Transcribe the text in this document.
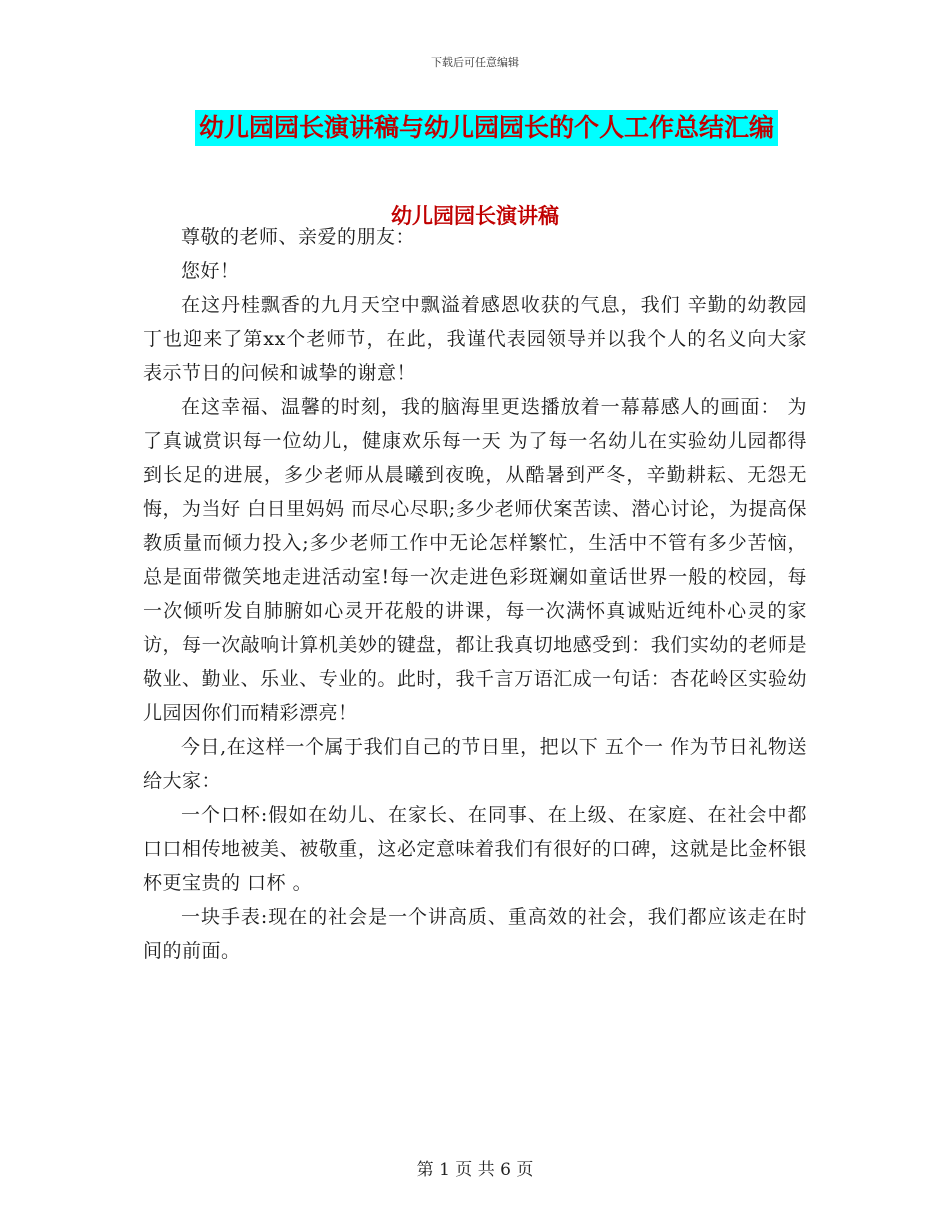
下载后可任意编辑
幼儿园园长演讲稿与幼儿园园长的个人工作总结汇编
幼儿园园长演讲稿

尊敬的老师、亲爱的朋友：

您好！

在这丹桂飘香的九月天空中飘溢着感恩收获的气息，我们 辛勤的幼教园丁也迎来了第xx个老师节，在此，我谨代表园领导并以我个人的名义向大家表示节日的问候和诚挚的谢意！

在这幸福、温馨的时刻，我的脑海里更迭播放着一幕幕感人的画面： 为了真诚赏识每一位幼儿，健康欢乐每一天 为了每一名幼儿在实验幼儿园都得到长足的进展，多少老师从晨曦到夜晚，从酷暑到严冬，辛勤耕耘、无怨无悔，为当好 白日里妈妈 而尽心尽职;多少老师伏案苦读、潜心讨论，为提高保教质量而倾力投入;多少老师工作中无论怎样繁忙，生活中不管有多少苦恼，总是面带微笑地走进活动室!每一次走进色彩斑斓如童话世界一般的校园，每一次倾听发自肺腑如心灵开花般的讲课，每一次满怀真诚贴近纯朴心灵的家访，每一次敲响计算机美妙的键盘，都让我真切地感受到：我们实幼的老师是敬业、勤业、乐业、专业的。此时，我千言万语汇成一句话：杏花岭区实验幼儿园因你们而精彩漂亮！

今日,在这样一个属于我们自己的节日里，把以下 五个一 作为节日礼物送给大家：

一个口杯:假如在幼儿、在家长、在同事、在上级、在家庭、在社会中都口口相传地被美、被敬重，这必定意味着我们有很好的口碑，这就是比金杯银杯更宝贵的 口杯 。

一块手表:现在的社会是一个讲高质、重高效的社会，我们都应该走在时间的前面。

第 1 页 共 6 页
